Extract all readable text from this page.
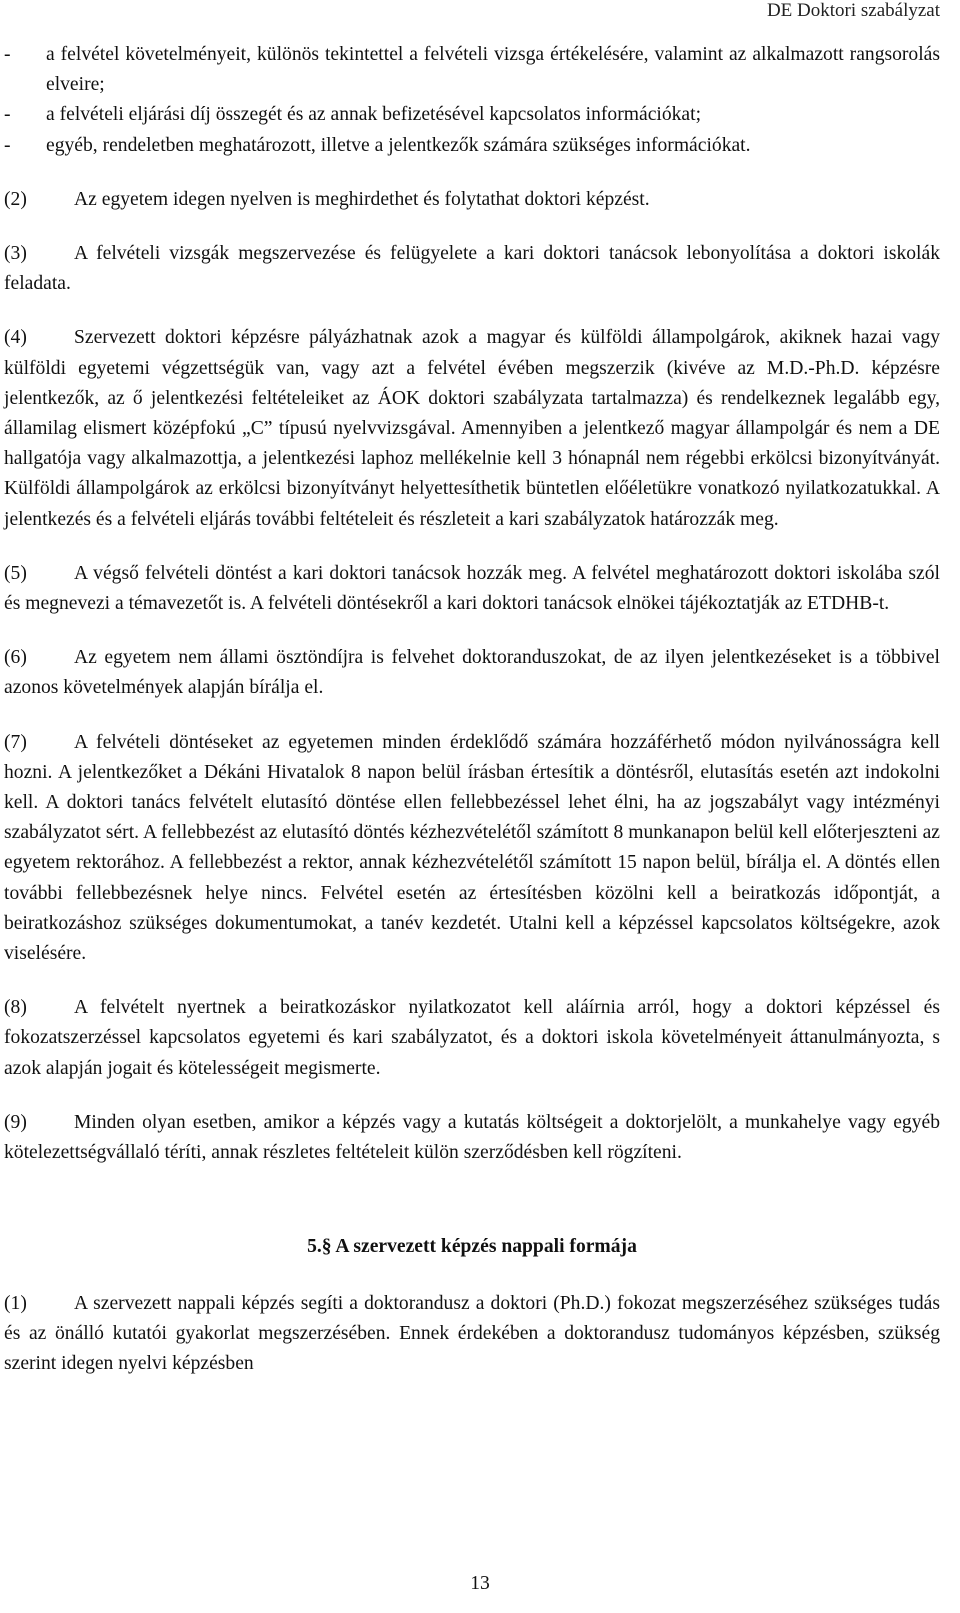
DE Doktori szabályzat
-	a felvétel követelményeit, különös tekintettel a felvételi vizsga értékelésére, valamint az alkalmazott rangsorolás elveire;
-	a felvételi eljárási díj összegét és az annak befizetésével kapcsolatos információkat;
-	egyéb, rendeletben meghatározott, illetve a jelentkezők számára szükséges információkat.

(2) Az egyetem idegen nyelven is meghirdethet és folytathat doktori képzést.

(3) A felvételi vizsgák megszervezése és felügyelete a kari doktori tanácsok lebonyolítása a doktori iskolák feladata.

(4) Szervezett doktori képzésre pályázhatnak azok a magyar és külföldi állampolgárok, akiknek hazai vagy külföldi egyetemi végzettségük van, vagy azt a felvétel évében megszerzik (kivéve az M.D.-Ph.D. képzésre jelentkezők, az ő jelentkezési feltételeiket az ÁOK doktori szabályzata tartalmazza) és rendelkeznek legalább egy, államilag elismert középfokú „C” típusú nyelvvizsgával. Amennyiben a jelentkező magyar állampolgár és nem a DE hallgatója vagy alkalmazottja, a jelentkezési laphoz mellékelnie kell 3 hónapnál nem régebbi erkölcsi bizonyítványát. Külföldi állampolgárok az erkölcsi bizonyítványt helyettesíthetik büntetlen előéletükre vonatkozó nyilatkozatukkal. A jelentkezés és a felvételi eljárás további feltételeit és részleteit a kari szabályzatok határozzák meg.

(5) A végső felvételi döntést a kari doktori tanácsok hozzák meg. A felvétel meghatározott doktori iskolába szól és megnevezi a témavezetőt is. A felvételi döntésekről a kari doktori tanácsok elnökei tájékoztatják az ETDHB-t.

(6) Az egyetem nem állami ösztöndíjra is felvehet doktoranduszokat, de az ilyen jelentkezéseket is a többivel azonos követelmények alapján bírálja el.

(7) A felvételi döntéseket az egyetemen minden érdeklődő számára hozzáférhető módon nyilvánosságra kell hozni. A jelentkezőket a Dékáni Hivatalok 8 napon belül írásban értesítik a döntésről, elutasítás esetén azt indokolni kell. A doktori tanács felvételt elutasító döntése ellen fellebbezéssel lehet élni, ha az jogszabályt vagy intézményi szabályzatot sért. A fellebbezést az elutasító döntés kézhezvételétől számított 8 munkanapon belül kell előterjeszteni az egyetem rektorához. A fellebbezést a rektor, annak kézhezvételétől számított 15 napon belül, bírálja el. A döntés ellen további fellebbezésnek helye nincs. Felvétel esetén az értesítésben közölni kell a beiratkozás időpontját, a beiratkozáshoz szükséges dokumentumokat, a tanév kezdetét. Utalni kell a képzéssel kapcsolatos költségekre, azok viselésére.

(8) A felvételt nyertnek a beiratkozáskor nyilatkozatot kell aláírnia arról, hogy a doktori képzéssel és fokozatszerzéssel kapcsolatos egyetemi és kari szabályzatot, és a doktori iskola követelményeit áttanulmányozta, s azok alapján jogait és kötelességeit megismerte.

(9) Minden olyan esetben, amikor a képzés vagy a kutatás költségeit a doktorjelölt, a munkahelye vagy egyéb kötelezettségvállaló téríti, annak részletes feltételeit külön szerződésben kell rögzíteni.

5.§ A szervezett képzés nappali formája

(1) A szervezett nappali képzés segíti a doktorandusz a doktori (Ph.D.) fokozat megszerzéséhez szükséges tudás és az önálló kutatói gyakorlat megszerzésében. Ennek érdekében a doktorandusz tudományos képzésben, szükség szerint idegen nyelvi képzésben

13
